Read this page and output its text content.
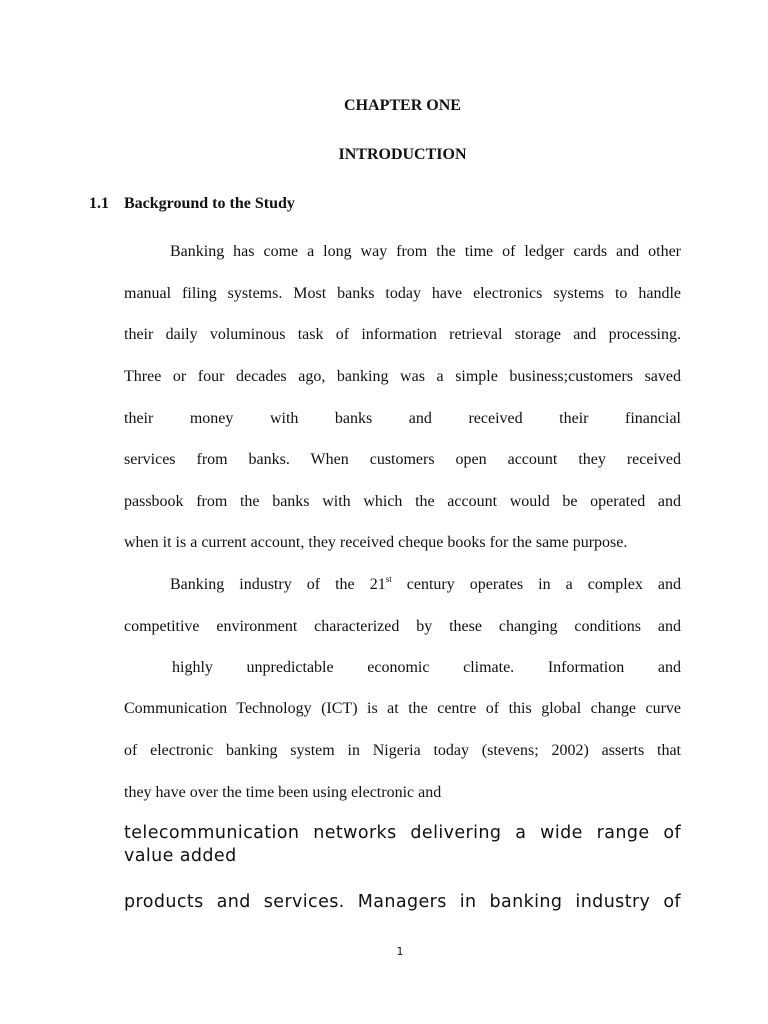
CHAPTER ONE

INTRODUCTION

1.1 Background to the Study

Banking has come a long way from the time of ledger cards and other

manual filing systems. Most banks today have electronics systems to handle

their daily voluminous task of information retrieval storage and processing.

Three or four decades ago, banking was a simple business;customers saved

their money with banks and received their financial

services from banks. When customers open account they received

passbook from the banks with which the account would be operated and

when it is a current account, they received cheque books for the same purpose.

Banking industry of the 21st century operates in a complex and

competitive environment characterized by these changing conditions and

highly unpredictable economic climate. Information and

Communication Technology (ICT) is at the centre of this global change curve

of electronic banking system in Nigeria today (stevens; 2002) asserts that

they have over the time been using electronic and

telecommunication networks delivering a wide range of

value added

products and services. Managers in banking industry of

1
